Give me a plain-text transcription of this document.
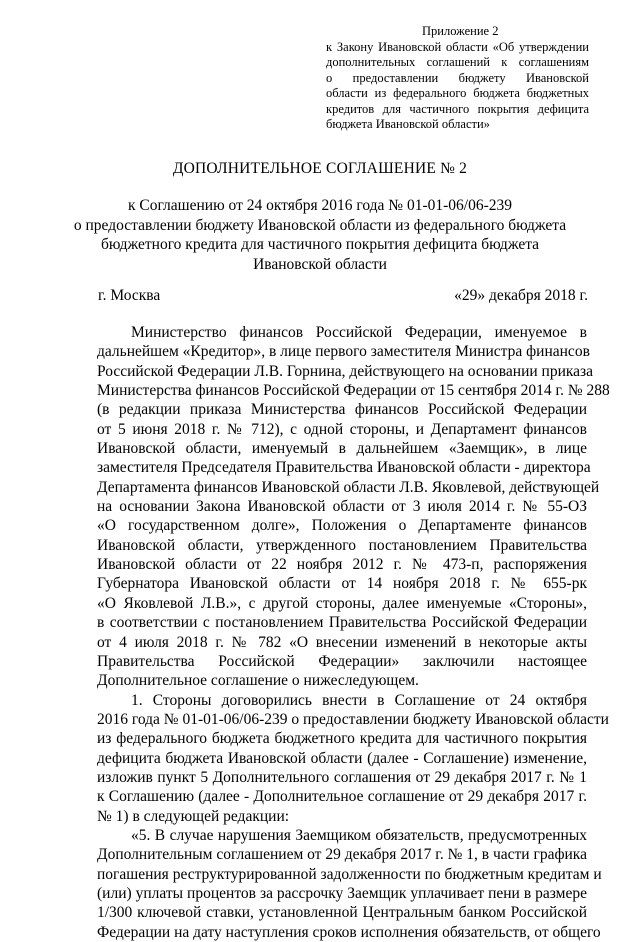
Приложение 2
к Закону Ивановской области «Об утверждении
дополнительных соглашений к соглашениям
о предоставлении бюджету Ивановской
области из федерального бюджета бюджетных
кредитов для частичного покрытия дефицита
бюджета Ивановской области»
ДОПОЛНИТЕЛЬНОЕ СОГЛАШЕНИЕ № 2
к Соглашению от 24 октября 2016 года № 01-01-06/06-239
о предоставлении бюджету Ивановской области из федерального бюджета
бюджетного кредита для частичного покрытия дефицита бюджета
Ивановской области
г. Москва	«29» декабря 2018 г.
Министерство финансов Российской Федерации, именуемое в
дальнейшем «Кредитор», в лице первого заместителя Министра финансов
Российской Федерации Л.В. Горнина, действующего на основании приказа
Министерства финансов Российской Федерации от 15 сентября 2014 г. № 288
(в редакции приказа Министерства финансов Российской Федерации
от 5 июня 2018 г. № 712), с одной стороны, и Департамент финансов
Ивановской области, именуемый в дальнейшем «Заемщик», в лице
заместителя Председателя Правительства Ивановской области - директора
Департамента финансов Ивановской области Л.В. Яковлевой, действующей
на основании Закона Ивановской области от 3 июля 2014 г. № 55-ОЗ
«О государственном долге», Положения о Департаменте финансов
Ивановской области, утвержденного постановлением Правительства
Ивановской области от 22 ноября 2012 г. № 473-п, распоряжения
Губернатора Ивановской области от 14 ноября 2018 г. № 655-рк
«О Яковлевой Л.В.», с другой стороны, далее именуемые «Стороны»,
в соответствии с постановлением Правительства Российской Федерации
от 4 июля 2018 г. № 782 «О внесении изменений в некоторые акты
Правительства Российской Федерации» заключили настоящее
Дополнительное соглашение о нижеследующем.
1. Стороны договорились внести в Соглашение от 24 октября
2016 года № 01-01-06/06-239 о предоставлении бюджету Ивановской области
из федерального бюджета бюджетного кредита для частичного покрытия
дефицита бюджета Ивановской области (далее - Соглашение) изменение,
изложив пункт 5 Дополнительного соглашения от 29 декабря 2017 г. № 1
к Соглашению (далее - Дополнительное соглашение от 29 декабря 2017 г.
№ 1) в следующей редакции:
«5. В случае нарушения Заемщиком обязательств, предусмотренных
Дополнительным соглашением от 29 декабря 2017 г. № 1, в части графика
погашения реструктурированной задолженности по бюджетным кредитам и
(или) уплаты процентов за рассрочку Заемщик уплачивает пени в размере
1/300 ключевой ставки, установленной Центральным банком Российской
Федерации на дату наступления сроков исполнения обязательств, от общего
